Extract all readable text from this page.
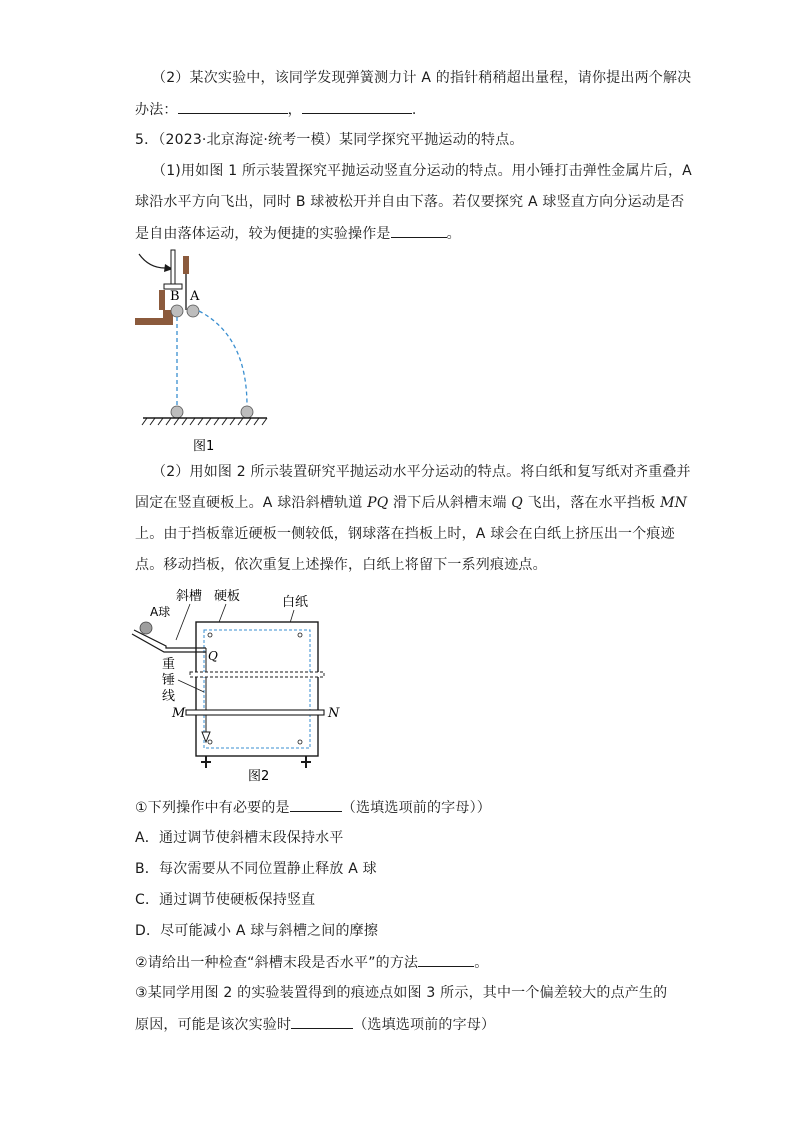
（2）某次实验中，该同学发现弹簧测力计 A 的指针稍稍超出量程，请你提出两个解决
办法：	，	.
5．（2023·北京海淀·统考一模）某同学探究平抛运动的特点。
（1)用如图 1 所示装置探究平抛运动竖直分运动的特点。用小锤打击弹性金属片后，A
球沿水平方向飞出，同时 B 球被松开并自由下落。若仅要探究 A 球竖直方向分运动是否
是自由落体运动，较为便捷的实验操作是	。
B A
图1
（2）用如图 2 所示装置研究平抛运动水平分运动的特点。将白纸和复写纸对齐重叠并
固定在竖直硬板上。A 球沿斜槽轨道 PQ 滑下后从斜槽末端 Q 飞出，落在水平挡板 MN
上。由于挡板靠近硬板一侧较低，钢球落在挡板上时，A 球会在白纸上挤压出一个痕迹
点。移动挡板，依次重复上述操作，白纸上将留下一系列痕迹点。
斜槽 硬板	白纸
A球
Q
重
锤
线
M	N
图2
①下列操作中有必要的是	（选填选项前的字母））
A．通过调节使斜槽末段保持水平
B．每次需要从不同位置静止释放 A 球
C．通过调节使硬板保持竖直
D．尽可能减小 A 球与斜槽之间的摩擦
②请给出一种检查“斜槽末段是否水平”的方法	。
③某同学用图 2 的实验装置得到的痕迹点如图 3 所示，其中一个偏差较大的点产生的
原因，可能是该次实验时	（选填选项前的字母）
